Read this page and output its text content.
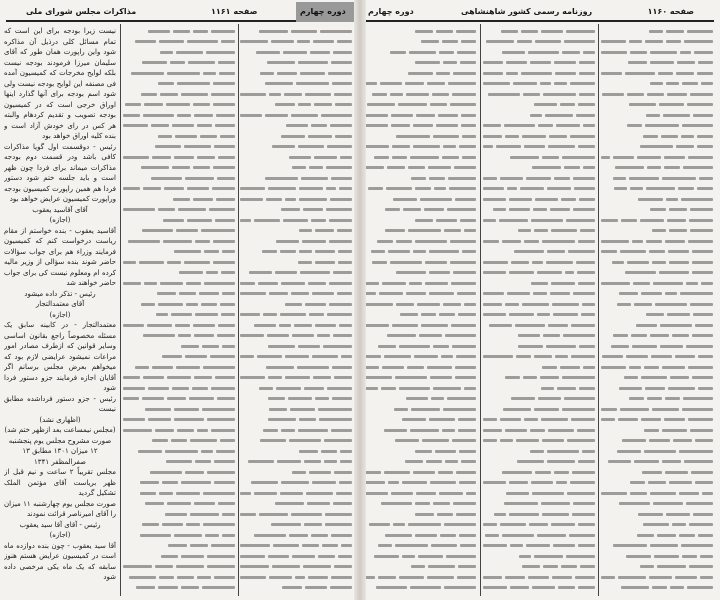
مذاکرات مجلس شورای ملی	صفحه ۱۱۶۱

نیست زیرا بودجه برای این است که تمام مسائل کلی درذیل آن مذاکره شود واین راپورت همان طور که آقای سلیمان میرزا فرمودند بودجه نیست بلکه لوایح مخرجات که کمیسیون آمده فی مصنفه این لوایح بودجه نیست ولی شود اسم بودجه برای آنها گذارد اینها اوراق خرجی است که در کمیسیون بودجه تصویب و تقدیم کردهام والبته هر کس در رای خودش آزاد است و بنده کلیه اوراق خواهد بود

رئیس - دوقسمت اول گویا مذاکرات کافی باشد ودر قسمت دوم بودجه مذاکرات میماند برای فردا چون ظهر است و باید جلسه ختم شود دستور فردا هم همین راپورت کمیسیون بودجه وراپورت کمیسیون عرایض خواهد بود

آقای آقاسید یعقوب

(اجازه)

آقاسید یعقوب - بنده خواستم از مقام ریاست درخواست کنم که کمیسیون فرمایند وزراء هم برای جواب سؤالات حاضر شوند بنده سؤالی از وزیر مالیه کرده ام ومعلوم نیست کی برای جواب حاضر خواهند شد

رئیس - تذکر داده میشود

آقای معتمدالتجار

(اجازه)

معتمدالتجار - در کابینه سابق یک مسئله مخصوصاً راجع بقانون اساسی وسایر قوانین که ازطرف مصادر امور مراعات نمیشود عرایضی لازم بود که میخواهم بعرض مجلس برسانم اگر آقایان اجازه فرمایند جزو دستور فردا شود

رئیس - جزو دستور فرداشده مطابق نیست

(اظهاری نشد)

(مجلس نیمساعت بعد ازظهر ختم شد)

صورت مشروح مجلس یوم پنجشنبه ۱۲ میزان ۱۳۰۱ مطابق ۱۳ صفرالمظفر ۱۳۴۱

مجلس تقریباً ۲ ساعت و نیم قبل از ظهر بریاست آقای مؤتمن الملک تشکیل گردید

صورت مجلس یوم چهارشنبه ۱۱ میزان را آقای امیرناصر قرائت نمودند

رئیس - آقای آقا سید یعقوب

(اجازه)

آقا سید یعقوب - چون بنده دوازده ماه است در کمیسیون عرایض هستم هنوز سابقه که یک ماه یکی مرخصی داده شود

دوره چهارم	روزنامه رسمی کشور شاهنشاهی	صفحه ۱۱۶۰
دوره چهارم
